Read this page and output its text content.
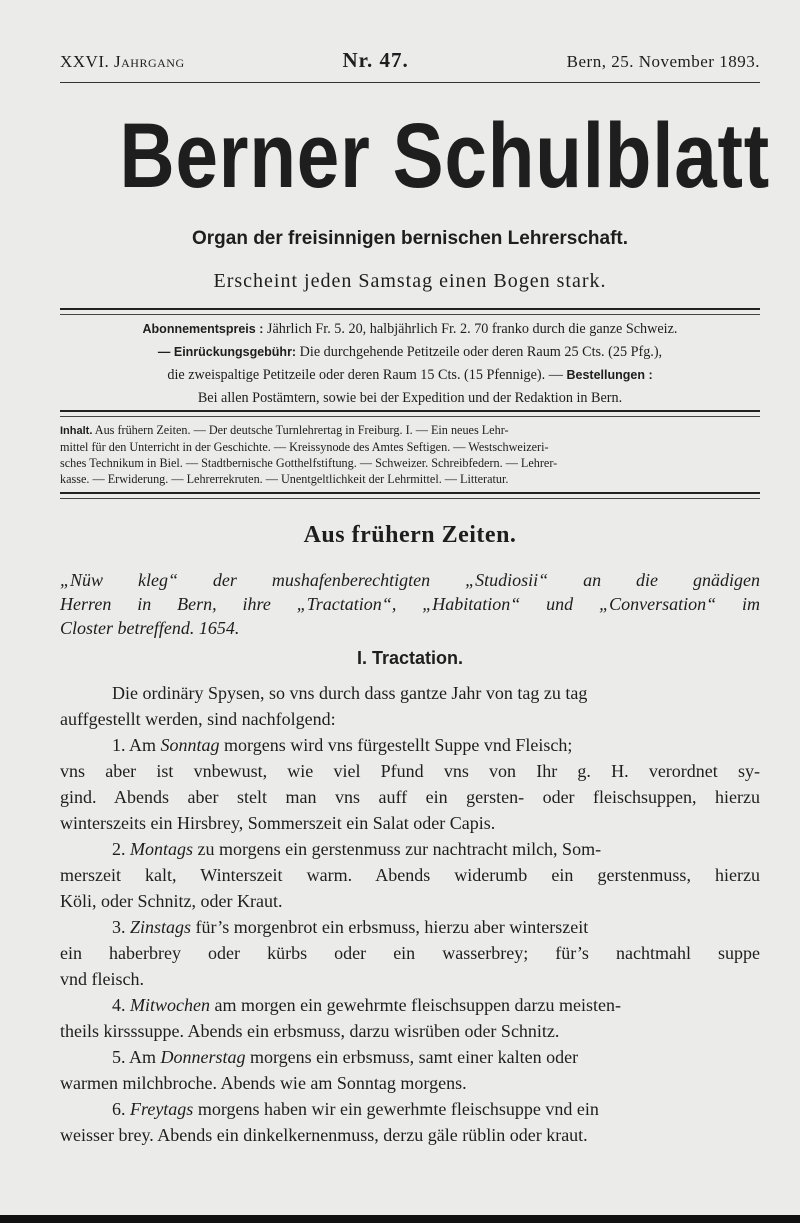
XXVI. Jahrgang	Nr. 47.	Bern, 25. November 1893.
Berner Schulblatt
Organ der freisinnigen bernischen Lehrerschaft.
Erscheint jeden Samstag einen Bogen stark.

Abonnementspreis : Jährlich Fr. 5. 20, halbjährlich Fr. 2. 70 franko durch die ganze Schweiz.

— Einrückungsgebühr: Die durchgehende Petitzeile oder deren Raum 25 Cts. (25 Pfg.),

die zweispaltige Petitzeile oder deren Raum 15 Cts. (15 Pfennige). — Bestellungen :

Bei allen Postämtern, sowie bei der Expedition und der Redaktion in Bern.

Inhalt. Aus frühern Zeiten. — Der deutsche Turnlehrertag in Freiburg. I. — Ein neues Lehr-

mittel für den Unterricht in der Geschichte. — Kreissynode des Amtes Seftigen. — Westschweizeri-

sches Technikum in Biel. — Stadtbernische Gotthelfstiftung. — Schweizer. Schreibfedern. — Lehrer-

kasse. — Erwiderung. — Lehrerrekruten. — Unentgeltlichkeit der Lehrmittel. — Litteratur.

Aus frühern Zeiten.

„Nüw kleg“ der mushafenberechtigten „Studiosii“ an die gnädigen

Herren in Bern, ihre „Tractation“, „Habitation“ und „Conversation“ im

Closter betreffend. 1654.

I. Tractation.
Die ordinäry Spysen, so vns durch dass gantze Jahr von tag zu tag
auffgestellt werden, sind nachfolgend:
1. Am Sonntag morgens wird vns fürgestellt Suppe vnd Fleisch;
vns aber ist vnbewust, wie viel Pfund vns von Ihr g. H. verordnet sy-
gind. Abends aber stelt man vns auff ein gersten- oder fleischsuppen, hierzu
winterszeits ein Hirsbrey, Sommerszeit ein Salat oder Capis.
2. Montags zu morgens ein gerstenmuss zur nachtracht milch, Som-
merszeit kalt, Winterszeit warm. Abends widerumb ein gerstenmuss, hierzu
Köli, oder Schnitz, oder Kraut.
3. Zinstags für’s morgenbrot ein erbsmuss, hierzu aber winterszeit
ein haberbrey oder kürbs oder ein wasserbrey; für’s nachtmahl suppe
vnd fleisch.
4. Mitwochen am morgen ein gewehrmte fleischsuppen darzu meisten-
theils kirsssuppe. Abends ein erbsmuss, darzu wisrüben oder Schnitz.
5. Am Donnerstag morgens ein erbsmuss, samt einer kalten oder
warmen milchbroche. Abends wie am Sonntag morgens.
6. Freytags morgens haben wir ein gewerhmte fleischsuppe vnd ein
weisser brey. Abends ein dinkelkernenmuss, derzu gäle rüblin oder kraut.
